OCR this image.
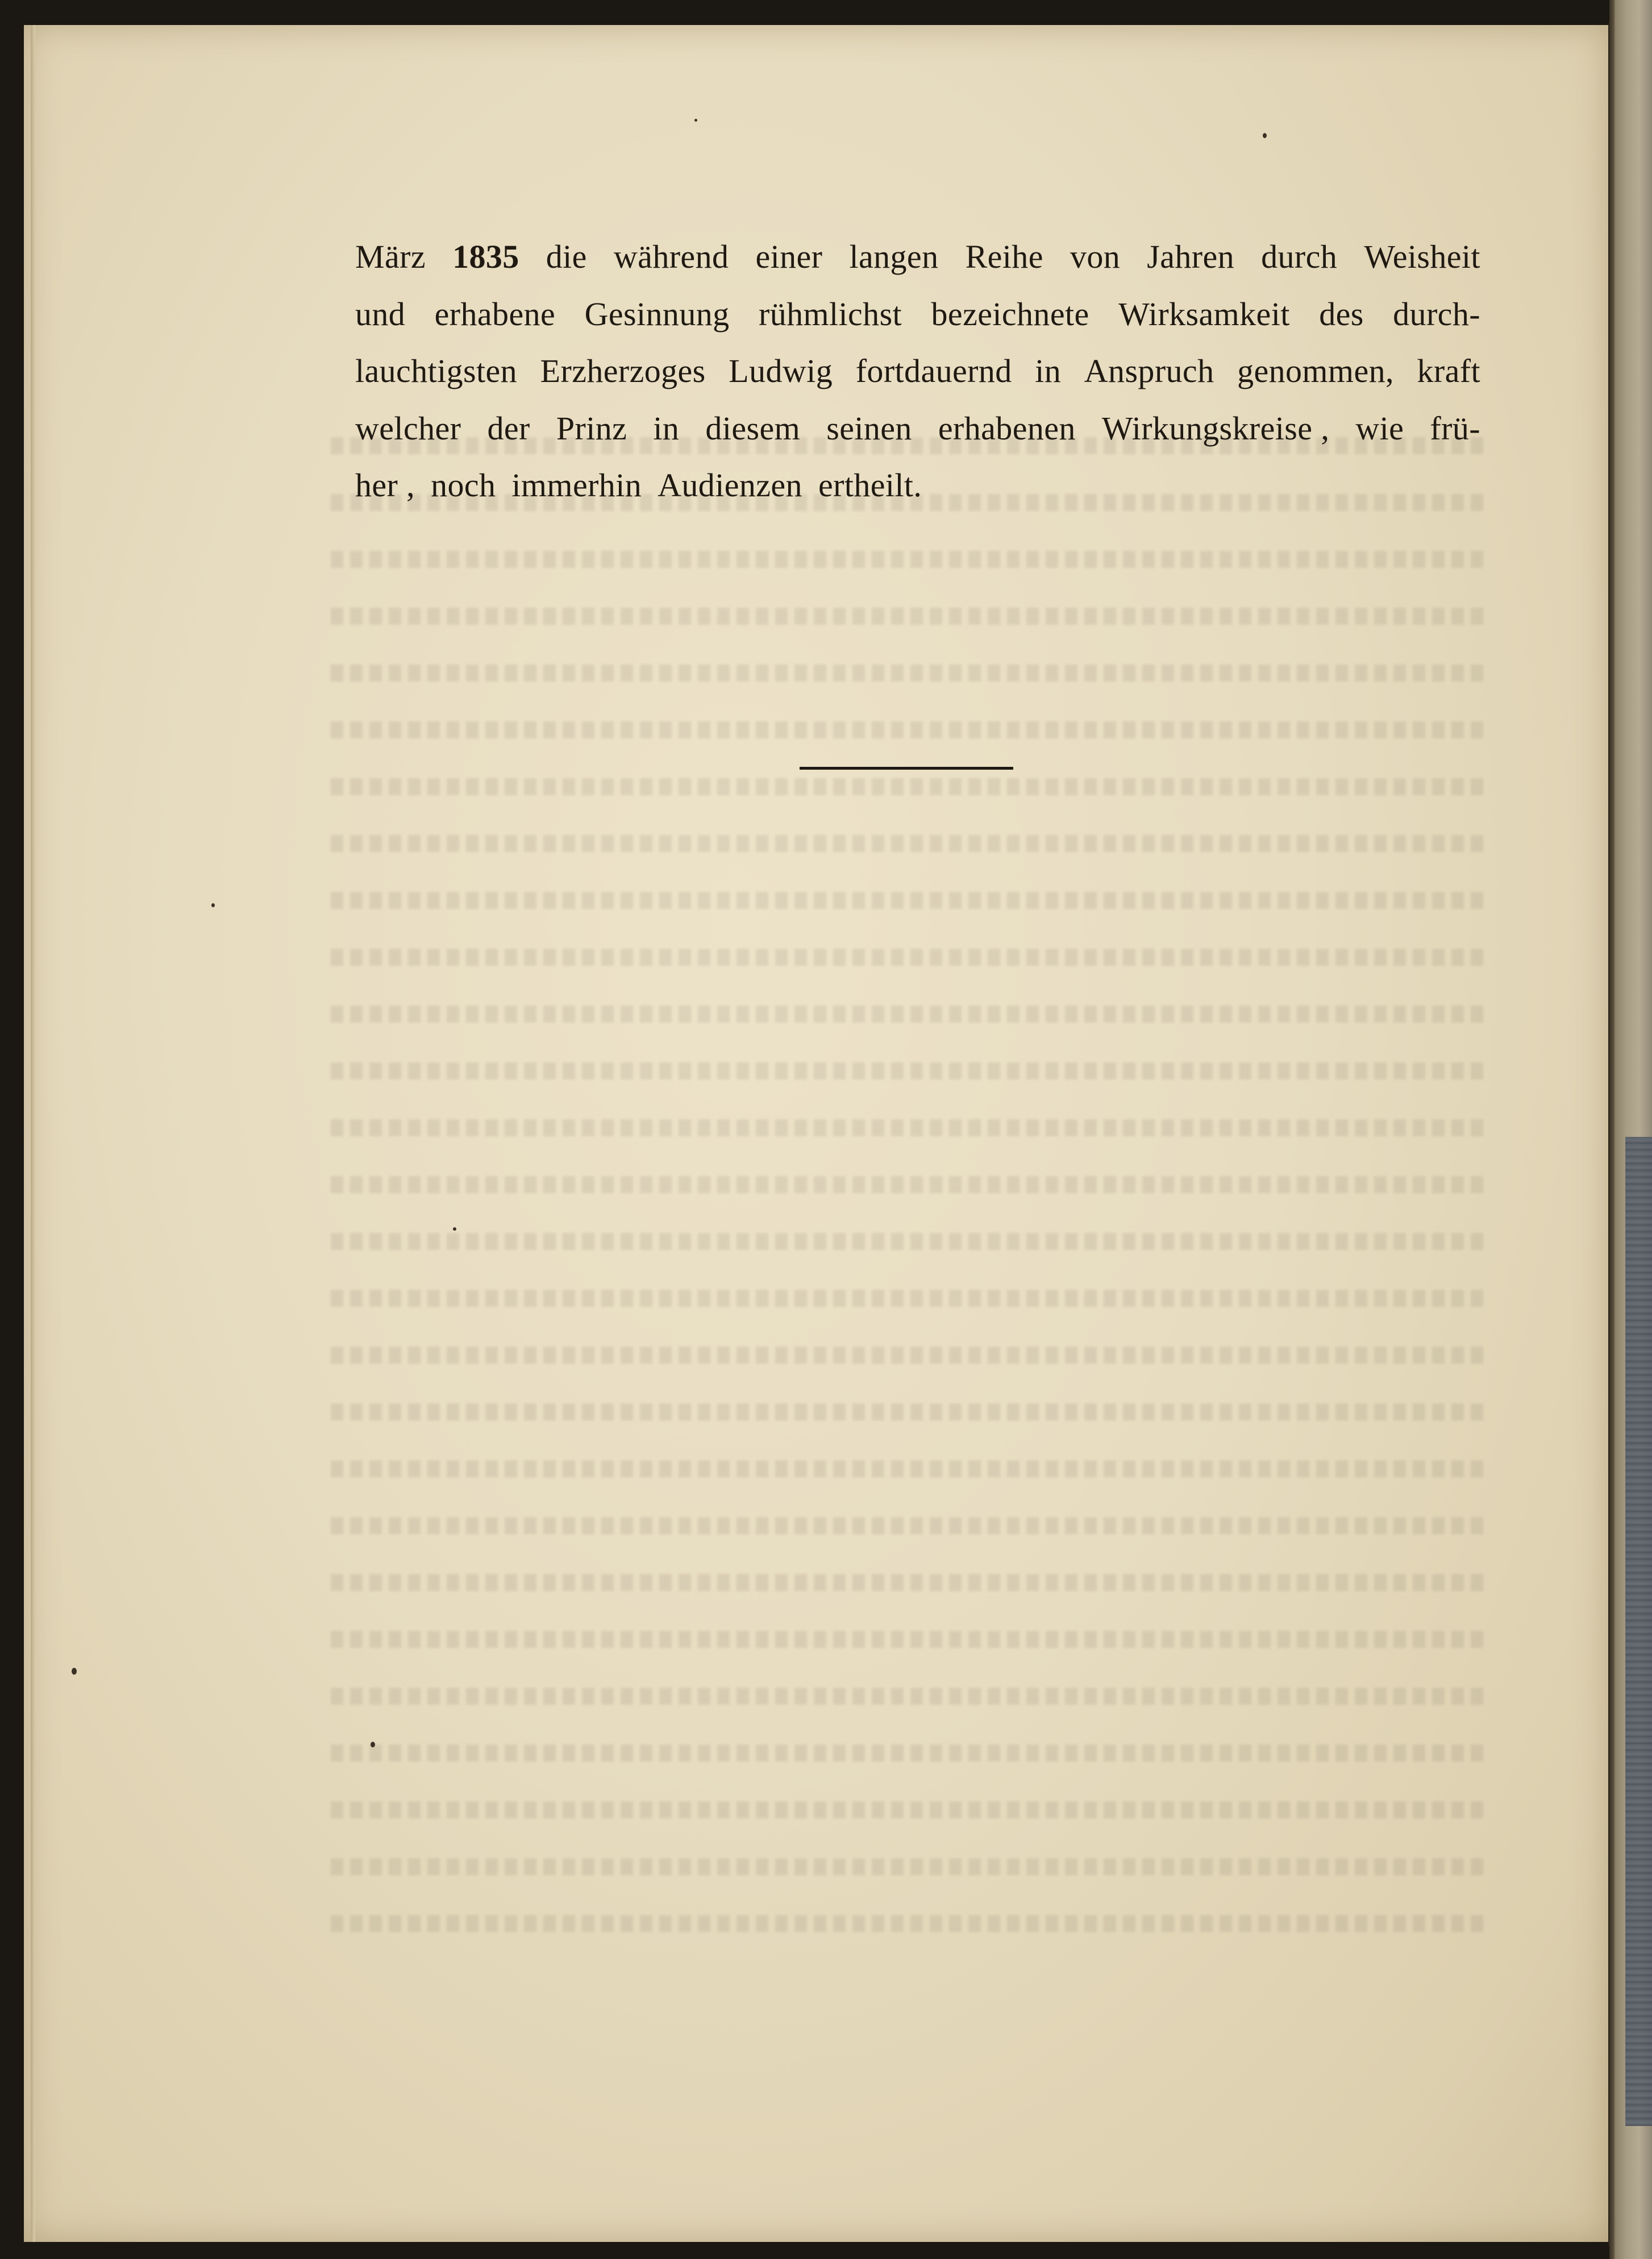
März 1835 die während einer langen Reihe von Jahren durch Weisheit
und erhabene Gesinnung rühmlichst bezeichnete Wirksamkeit des durch-
lauchtigsten Erzherzoges Ludwig fortdauernd in Anspruch genommen, kraft
welcher der Prinz in diesem seinen erhabenen Wirkungskreise , wie frü-
her , noch immerhin Audienzen ertheilt.
